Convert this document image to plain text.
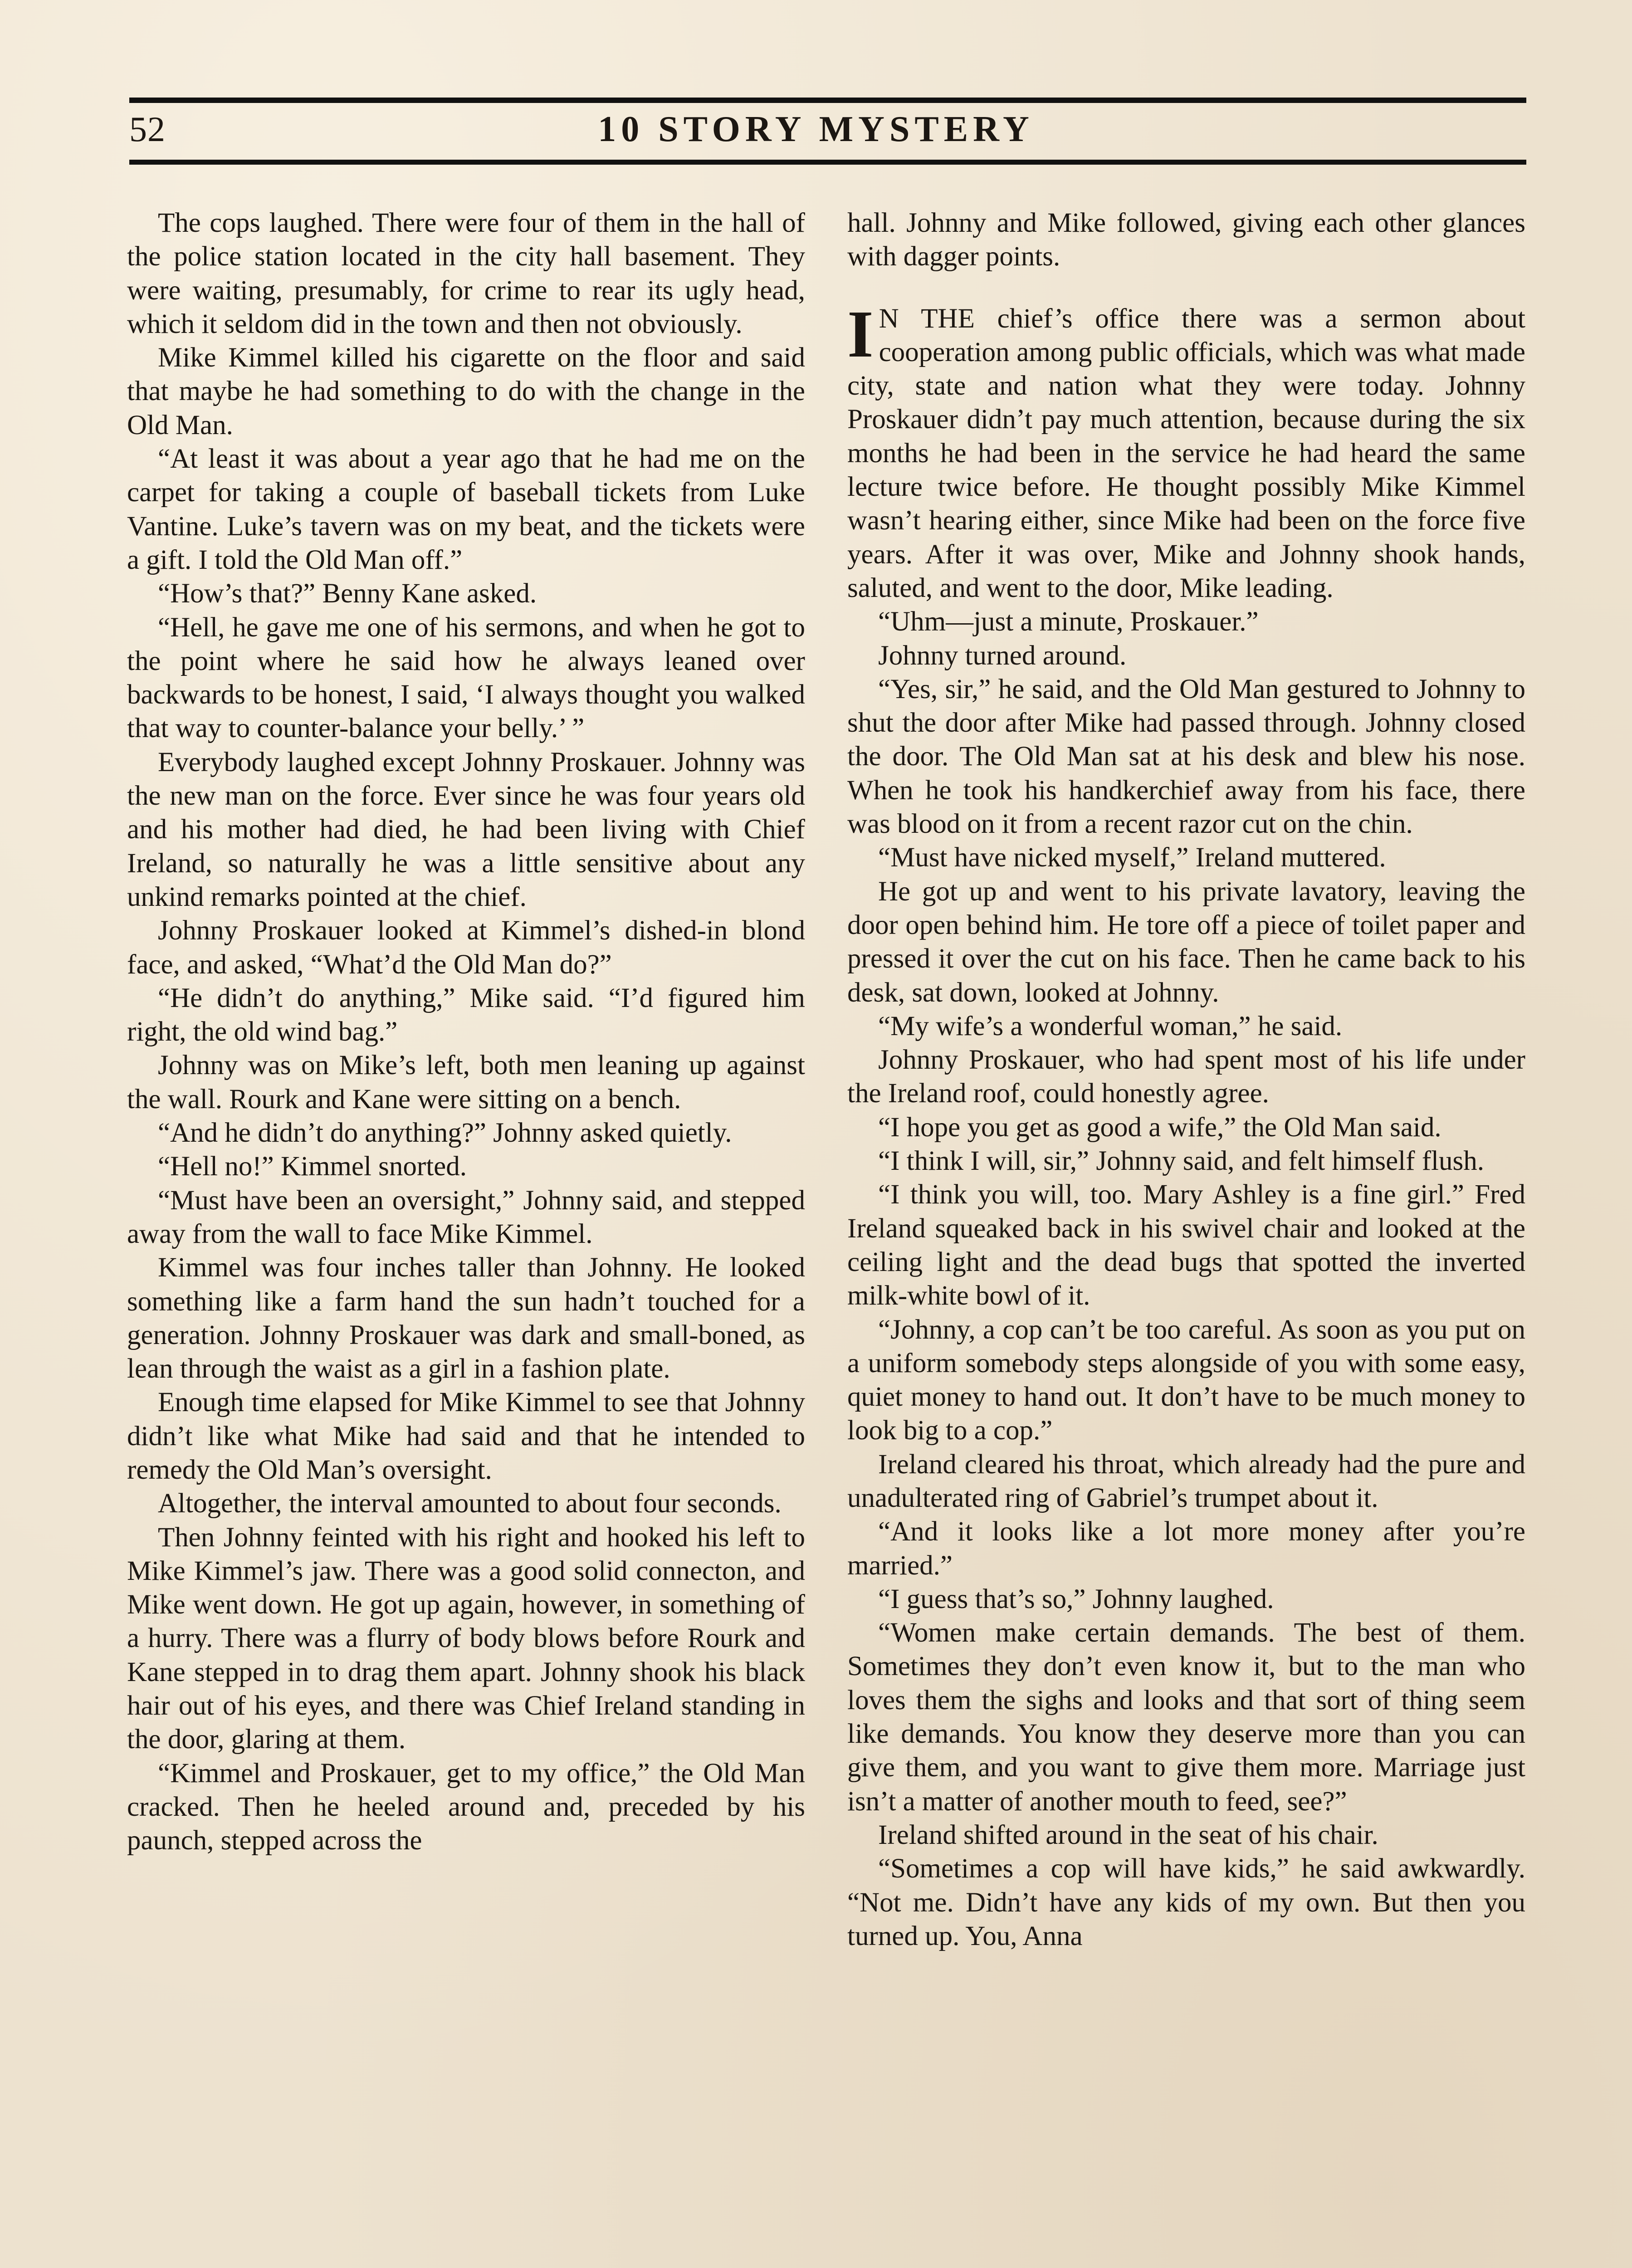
52	10 STORY MYSTERY

The cops laughed. There were four of them in the hall of the police station located in the city hall basement. They were waiting, presumably, for crime to rear its ugly head, which it seldom did in the town and then not obviously.

Mike Kimmel killed his cigarette on the floor and said that maybe he had something to do with the change in the Old Man.

“At least it was about a year ago that he had me on the carpet for taking a couple of baseball tickets from Luke Vantine. Luke’s tavern was on my beat, and the tickets were a gift. I told the Old Man off.”

“How’s that?” Benny Kane asked.

“Hell, he gave me one of his sermons, and when he got to the point where he said how he always leaned over backwards to be honest, I said, ‘I always thought you walked that way to counter-balance your belly.’ ”

Everybody laughed except Johnny Proskauer. Johnny was the new man on the force. Ever since he was four years old and his mother had died, he had been living with Chief Ireland, so naturally he was a little sensitive about any unkind remarks pointed at the chief.

Johnny Proskauer looked at Kimmel’s dished-in blond face, and asked, “What’d the Old Man do?”

“He didn’t do anything,” Mike said. “I’d figured him right, the old wind bag.”

Johnny was on Mike’s left, both men leaning up against the wall. Rourk and Kane were sitting on a bench.

“And he didn’t do anything?” Johnny asked quietly.

“Hell no!” Kimmel snorted.

“Must have been an oversight,” Johnny said, and stepped away from the wall to face Mike Kimmel.

Kimmel was four inches taller than Johnny. He looked something like a farm hand the sun hadn’t touched for a generation. Johnny Proskauer was dark and small-boned, as lean through the waist as a girl in a fashion plate.

Enough time elapsed for Mike Kimmel to see that Johnny didn’t like what Mike had said and that he intended to remedy the Old Man’s oversight.

Altogether, the interval amounted to about four seconds.

Then Johnny feinted with his right and hooked his left to Mike Kimmel’s jaw. There was a good solid connecton, and Mike went down. He got up again, however, in something of a hurry. There was a flurry of body blows before Rourk and Kane stepped in to drag them apart. Johnny shook his black hair out of his eyes, and there was Chief Ireland standing in the door, glaring at them.

“Kimmel and Proskauer, get to my office,” the Old Man cracked. Then he heeled around and, preceded by his paunch, stepped across the

hall. Johnny and Mike followed, giving each other glances with dagger points.

I N THE chief’s office there was a sermon about cooperation among public officials, which was what made city, state and nation what they were today. Johnny Proskauer didn’t pay much attention, because during the six months he had been in the service he had heard the same lecture twice before. He thought possibly Mike Kimmel wasn’t hearing either, since Mike had been on the force five years. After it was over, Mike and Johnny shook hands, saluted, and went to the door, Mike leading.

“Uhm—just a minute, Proskauer.”

Johnny turned around.

“Yes, sir,” he said, and the Old Man gestured to Johnny to shut the door after Mike had passed through. Johnny closed the door. The Old Man sat at his desk and blew his nose. When he took his handkerchief away from his face, there was blood on it from a recent razor cut on the chin.

“Must have nicked myself,” Ireland muttered.

He got up and went to his private lavatory, leaving the door open behind him. He tore off a piece of toilet paper and pressed it over the cut on his face. Then he came back to his desk, sat down, looked at Johnny.

“My wife’s a wonderful woman,” he said.

Johnny Proskauer, who had spent most of his life under the Ireland roof, could honestly agree.

“I hope you get as good a wife,” the Old Man said.

“I think I will, sir,” Johnny said, and felt himself flush.

“I think you will, too. Mary Ashley is a fine girl.” Fred Ireland squeaked back in his swivel chair and looked at the ceiling light and the dead bugs that spotted the inverted milk-white bowl of it.

“Johnny, a cop can’t be too careful. As soon as you put on a uniform somebody steps alongside of you with some easy, quiet money to hand out. It don’t have to be much money to look big to a cop.”

Ireland cleared his throat, which already had the pure and unadulterated ring of Gabriel’s trumpet about it.

“And it looks like a lot more money after you’re married.”

“I guess that’s so,” Johnny laughed.

“Women make certain demands. The best of them. Sometimes they don’t even know it, but to the man who loves them the sighs and looks and that sort of thing seem like demands. You know they deserve more than you can give them, and you want to give them more. Marriage just isn’t a matter of another mouth to feed, see?”

Ireland shifted around in the seat of his chair.

“Sometimes a cop will have kids,” he said awkwardly. “Not me. Didn’t have any kids of my own. But then you turned up. You, Anna
